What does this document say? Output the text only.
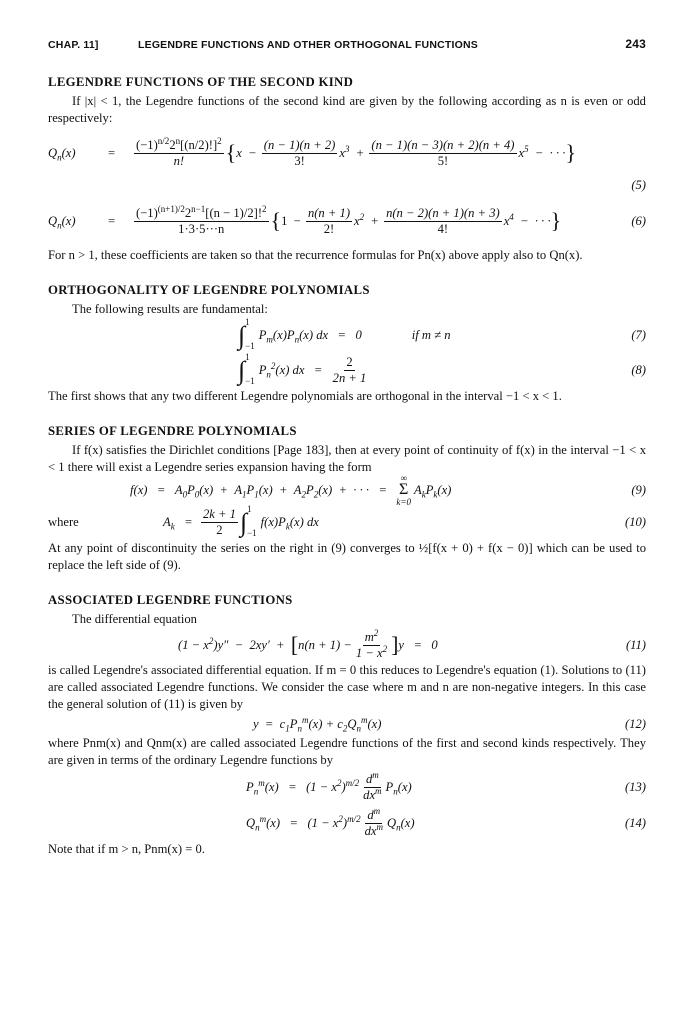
CHAP. 11]	LEGENDRE FUNCTIONS AND OTHER ORTHOGONAL FUNCTIONS	243
LEGENDRE FUNCTIONS OF THE SECOND KIND

If |x| < 1, the Legendre functions of the second kind are given by the following according as n is even or odd respectively:

$Q_n(x)$	=	$\frac{(-1)^{n/2}2^n[(n/2)!]^2}{n!}$ { $x - \frac{(n - 1)(n + 2)}{3!} x^3 + \frac{(n - 1)(n - 3)(n + 2)(n + 4)}{5!} x^5$  −  · · · }
(5)
$Q_n(x)$	=	$\frac{(-1)^{(n+1)/2}2^{n-1}[(n - 1)/2]!^2}{1\cdot 3\cdot 5\cdot\cdot\cdot n}$ { $1 - \frac{n(n + 1)}{2!} x^2 + \frac{n(n - 2)(n + 1)(n + 3)}{4!} x^4$  −  · · · }	(6)

For n > 1, these coefficients are taken so that the recurrence formulas for Pn(x) above apply also to Qn(x).

ORTHOGONALITY OF LEGENDRE POLYNOMIALS

The following results are fundamental:

∫ $^1$
$_{-1}$
$P_m(x)P_n(x)$ dx   =   0	if m ≠ n	(7)
∫ $^1$
$_{-1}$
$P_n^2(x)$ dx   = $\frac{2}{2n + 1}$	(8)

The first shows that any two different Legendre polynomials are orthogonal in the interval −1 < x < 1.

SERIES OF LEGENDRE POLYNOMIALS

If f(x) satisfies the Dirichlet conditions [Page 183], then at every point of continuity of f(x) in the interval −1 < x < 1 there will exist a Legendre series expansion having the form

$f(x) = A_0P_0(x) + A_1P_1(x) + A_2P_2(x)$  +  · · ·   =
∞
Σ
k=0
$A_kP_k(x)$	(9)
where	$A_k = \frac{2k + 1}{2}$ ∫ $^1$
$_{-1}$
$f(x)P_k(x)$ dx	(10)

At any point of discontinuity the series on the right in (9) converges to ½[f(x + 0) + f(x − 0)] which can be used to replace the left side of (9).

ASSOCIATED LEGENDRE FUNCTIONS

The differential equation

$(1 - x^2)y'' - 2xy'$  + [ $n(n + 1) - \frac{m^2}{1 - x^2}$ ] y   =   0	(11)

is called Legendre's associated differential equation. If m = 0 this reduces to Legendre's equation (1). Solutions to (11) are called associated Legendre functions. We consider the case where m and n are non-negative integers. In this case the general solution of (11) is given by

$y = c_1P_n^m(x) + c_2Q_n^m(x)$	(12)

where Pnm(x) and Qnm(x) are called associated Legendre functions of the first and second kinds respectively. They are given in terms of the ordinary Legendre functions by

$P_n^m(x) = (1 - x^2)^{m/2} \frac{d^m}{dx^m} P_n(x)$	(13)
$Q_n^m(x) = (1 - x^2)^{m/2} \frac{d^m}{dx^m} Q_n(x)$	(14)

Note that if m > n, Pnm(x) = 0.
